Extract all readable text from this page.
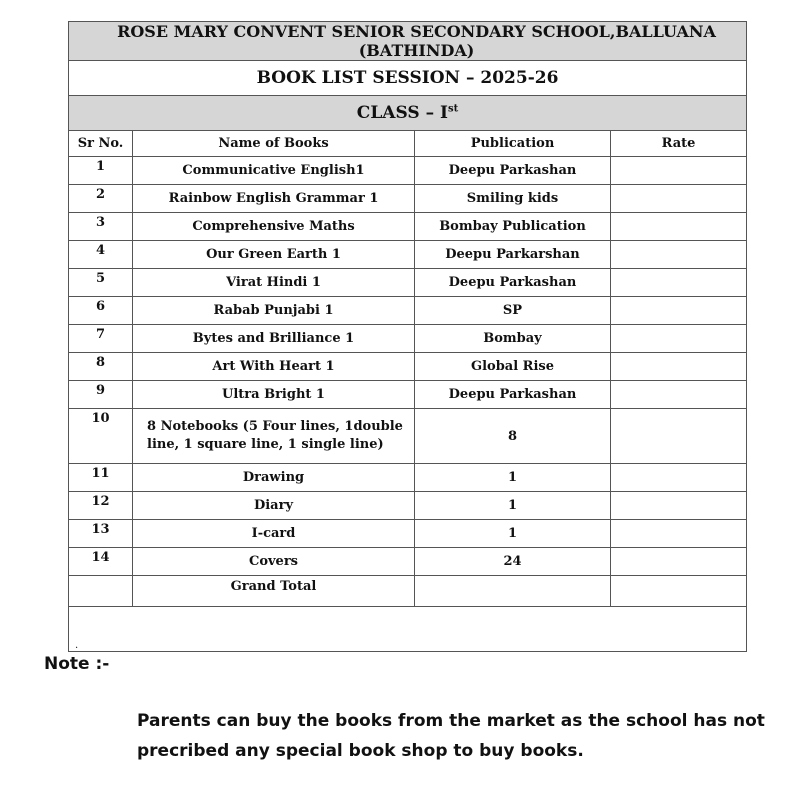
ROSE MARY CONVENT SENIOR SECONDARY SCHOOL,BALLUANA (BATHINDA)			
BOOK LIST SESSION – 2025-26			
CLASS – Ist
Sr No.	Name of Books	Publication	Rate
1	Communicative English1	Deepu Parkashan	
2	Rainbow English Grammar 1	Smiling kids	
3	Comprehensive Maths	Bombay Publication	
4	Our Green Earth 1	Deepu Parkarshan	
5	Virat Hindi 1	Deepu Parkashan	
6	Rabab Punjabi 1	SP	
7	Bytes and Brilliance 1	Bombay	
8	Art With Heart 1	Global Rise	
9	Ultra Bright 1	Deepu Parkashan	
10	8 Notebooks (5 Four lines, 1double line, 1 square line, 1 single line)	8	
11	Drawing	1	
12	Diary	1	
13	I-card	1	
14	Covers	24	
	Grand Total		
.			
Note :-
Parents can buy the books from the market as the school has not precribed any special book shop to buy books.
